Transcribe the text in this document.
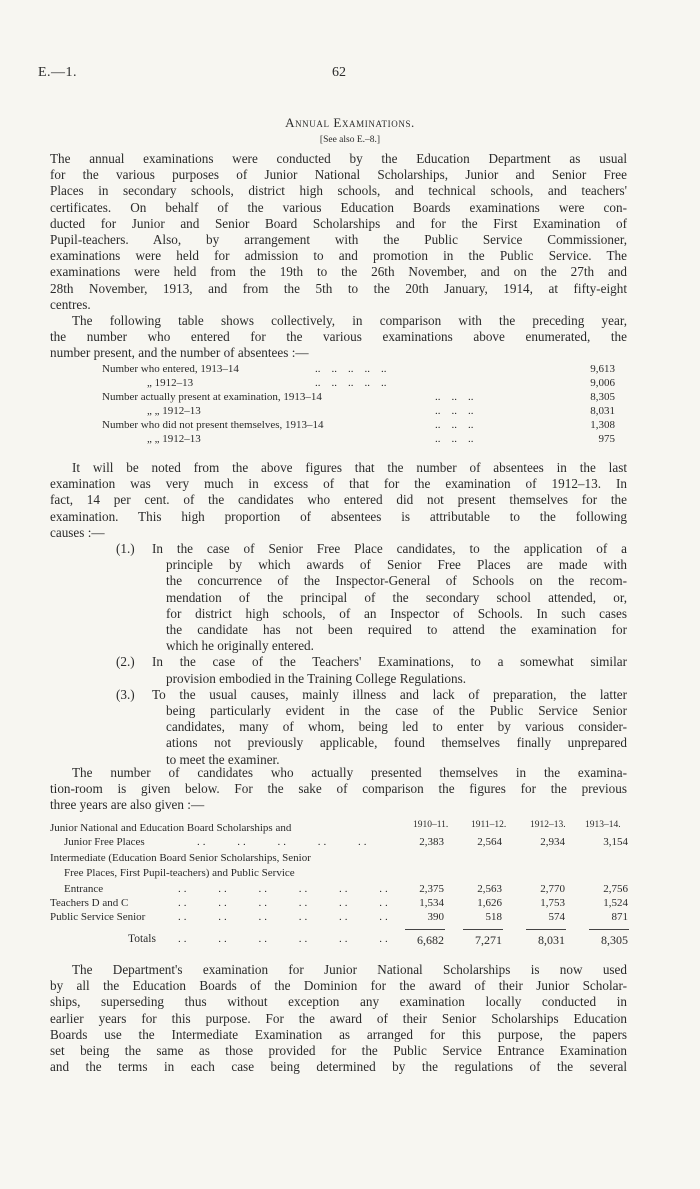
E.—1.	62
Annual Examinations.
[See also E.–8.]
The annual examinations were conducted by the Education Department as usual
for the various purposes of Junior National Scholarships, Junior and Senior Free
Places in secondary schools, district high schools, and technical schools, and teachers'
certificates. On behalf of the various Education Boards examinations were con-
ducted for Junior and Senior Board Scholarships and for the First Examination of
Pupil-teachers. Also, by arrangement with the Public Service Commissioner,
examinations were held for admission to and promotion in the Public Service. The
examinations were held from the 19th to the 26th November, and on the 27th and
28th November, 1913, and from the 5th to the 20th January, 1914, at fifty-eight
centres.
The following table shows collectively, in comparison with the preceding year,
the number who entered for the various examinations above enumerated, the
number present, and the number of absentees :—
Number who entered, 1913–14	..    ..    ..    ..    ..	9,613
„ 1912–13	..    ..    ..    ..    ..	9,006
Number actually present at examination, 1913–14	..    ..    ..	8,305
„ „ 1912–13	..    ..    ..	8,031
Number who did not present themselves, 1913–14	..    ..    ..	1,308
„ „ 1912–13	..    ..    ..	975
It will be noted from the above figures that the number of absentees in the last
examination was very much in excess of that for the examination of 1912–13. In
fact, 14 per cent. of the candidates who entered did not present themselves for the
examination. This high proportion of absentees is attributable to the following
causes :—
(1.) In the case of Senior Free Place candidates, to the application of a
principle by which awards of Senior Free Places are made with
the concurrence of the Inspector-General of Schools on the recom-
mendation of the principal of the secondary school attended, or,
for district high schools, of an Inspector of Schools. In such cases
the candidate has not been required to attend the examination for
which he originally entered.
(2.) In the case of the Teachers' Examinations, to a somewhat similar
provision embodied in the Training College Regulations.
(3.) To the usual causes, mainly illness and lack of preparation, the latter
being particularly evident in the case of the Public Service Senior
candidates, many of whom, being led to enter by various consider-
ations not previously applicable, found themselves finally unprepared
to meet the examiner.
The number of candidates who actually presented themselves in the examina-
tion-room is given below. For the sake of comparison the figures for the previous
three years are also given :—
1910–11. 1911–12. 1912–13. 1913–14.
Junior National and Education Board Scholarships and
Junior Free Places	..     ..     ..     ..     ..	2,383	2,564	2,934	3,154
Intermediate (Education Board Senior Scholarships, Senior
Free Places, First Pupil-teachers) and Public Service
Entrance	..     ..     ..     ..     ..     ..	2,375	2,563	2,770	2,756
Teachers D and C	..     ..     ..     ..     ..     ..	1,534	1,626	1,753	1,524
Public Service Senior	..     ..     ..     ..     ..     ..	390	518	574	871
Totals ..     ..     ..     ..     ..     ..	6,682	7,271	8,031	8,305
The Department's examination for Junior National Scholarships is now used
by all the Education Boards of the Dominion for the award of their Junior Scholar-
ships, superseding thus without exception any examination locally conducted in
earlier years for this purpose. For the award of their Senior Scholarships Education
Boards use the Intermediate Examination as arranged for this purpose, the papers
set being the same as those provided for the Public Service Entrance Examination
and the terms in each case being determined by the regulations of the several
